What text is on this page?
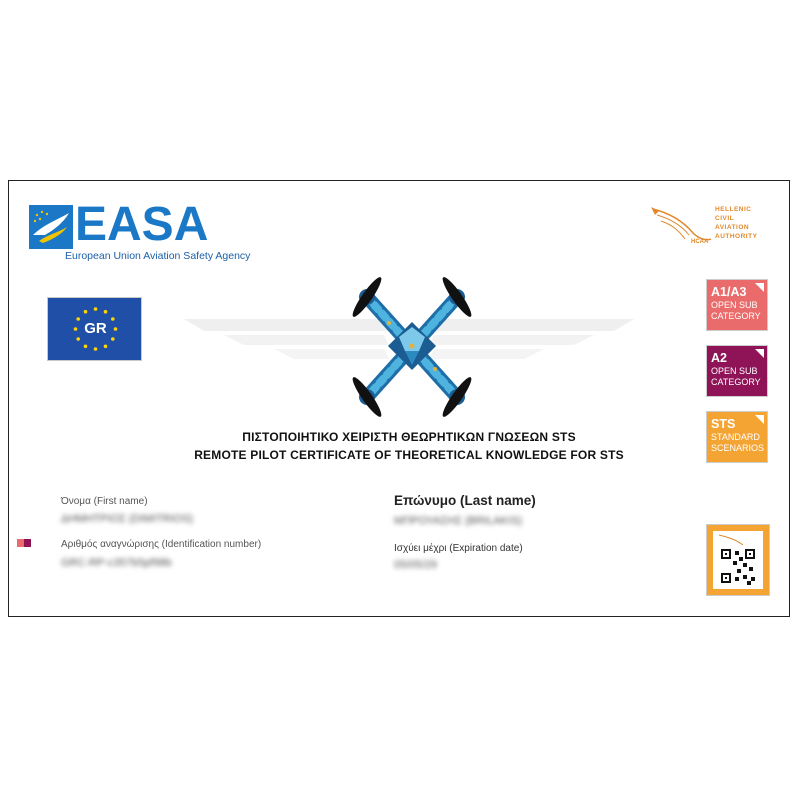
EASA
European Union Aviation Safety Agency
HELLENIC
CIVIL
AVIATION
AUTHORITY
HCAA
GR
A1/A3
OPEN SUB CATEGORY
A2
OPEN SUB CATEGORY
STS
STANDARD SCENARIOS
ΠΙΣΤΟΠΟΙΗΤΙΚΟ ΧΕΙΡΙΣΤΗ ΘΕΩΡΗΤΙΚΩΝ ΓΝΩΣΕΩΝ STS
REMOTE PILOT CERTIFICATE OF THEORETICAL KNOWLEDGE FOR STS
Όνομα (First name)
ΔΗΜΗΤΡΙΟΣ (DIMITRIOS)
Αριθμός αναγνώρισης (Identification number)
GRC-RP-c357b5pf98b
Επώνυμο (Last name)
ΜΠΡΟΥΑΣΗΣ (BRILAKIS)
Ισχύει μέχρι (Expiration date)
05/05/29
